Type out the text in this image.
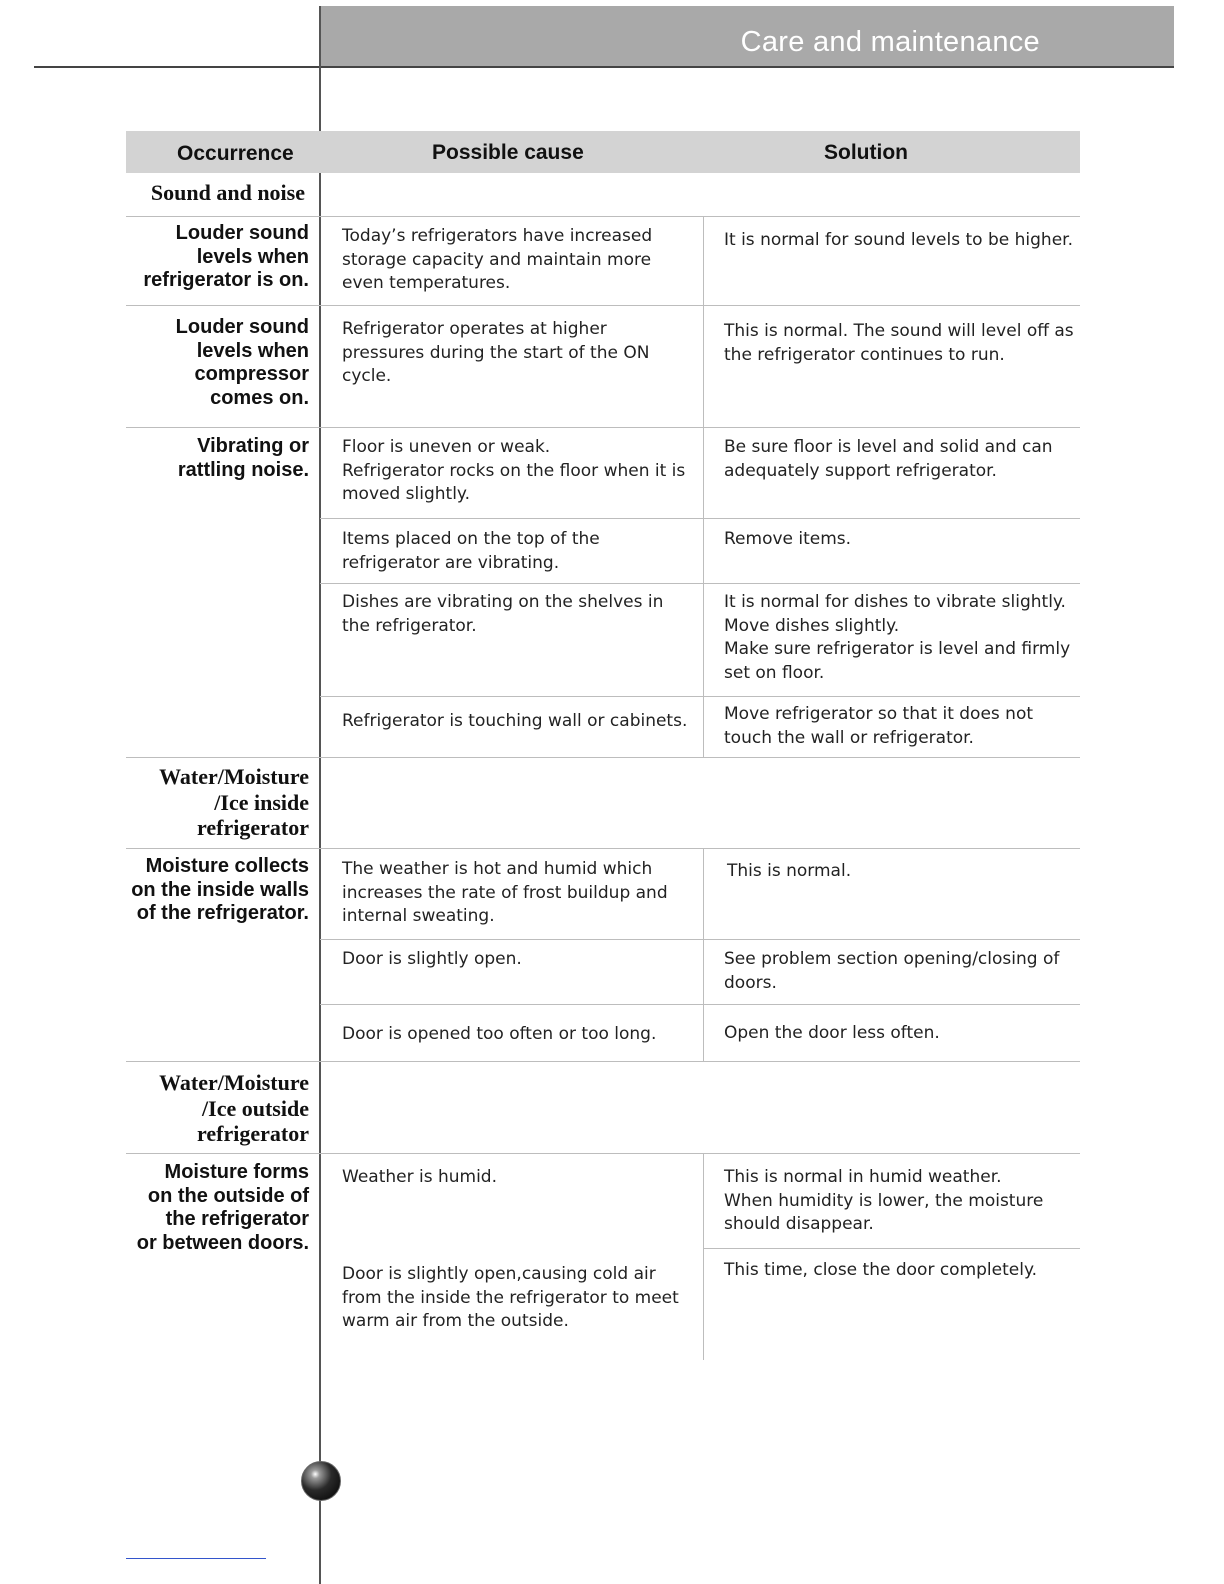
Care and maintenance
Occurrence	Possible cause	Solution
Sound and noise
Water/Moisture
/Ice inside
refrigerator
Water/Moisture
/Ice outside
refrigerator
Louder sound
levels when
refrigerator is on.
Louder sound
levels when
compressor
comes on.
Vibrating or
rattling noise.
Moisture collects
on the inside walls
of the refrigerator.
Moisture forms
on the outside of
the refrigerator
or between doors.
Today’s refrigerators have increased storage capacity and maintain more even temperatures.
Refrigerator operates at higher pressures during the start of the ON cycle.
Floor is uneven or weak.
Refrigerator rocks on the floor when it is moved slightly.
Items placed on the top of the refrigerator are vibrating.
Dishes are vibrating on the shelves in the refrigerator.
Refrigerator is touching wall or cabinets.
The weather is hot and humid which increases the rate of frost buildup and internal sweating.
Door is slightly open.
Door is opened too often or too long.
Weather is humid.
Door is slightly open,causing cold air from the inside the refrigerator to meet warm air from the outside.
It is normal for sound levels to be higher.
This is normal. The sound will level off as the refrigerator continues to run.
Be sure floor is level and solid and can adequately support refrigerator.
Remove items.
It is normal for dishes to vibrate slightly.
Move dishes slightly.
Make sure refrigerator is level and firmly set on floor.
Move refrigerator so that it does not touch the wall or refrigerator.
This is normal.
See problem section opening/closing of doors.
Open the door less often.
This is normal in humid weather.
When humidity is lower, the moisture should disappear.
This time, close the door completely.
